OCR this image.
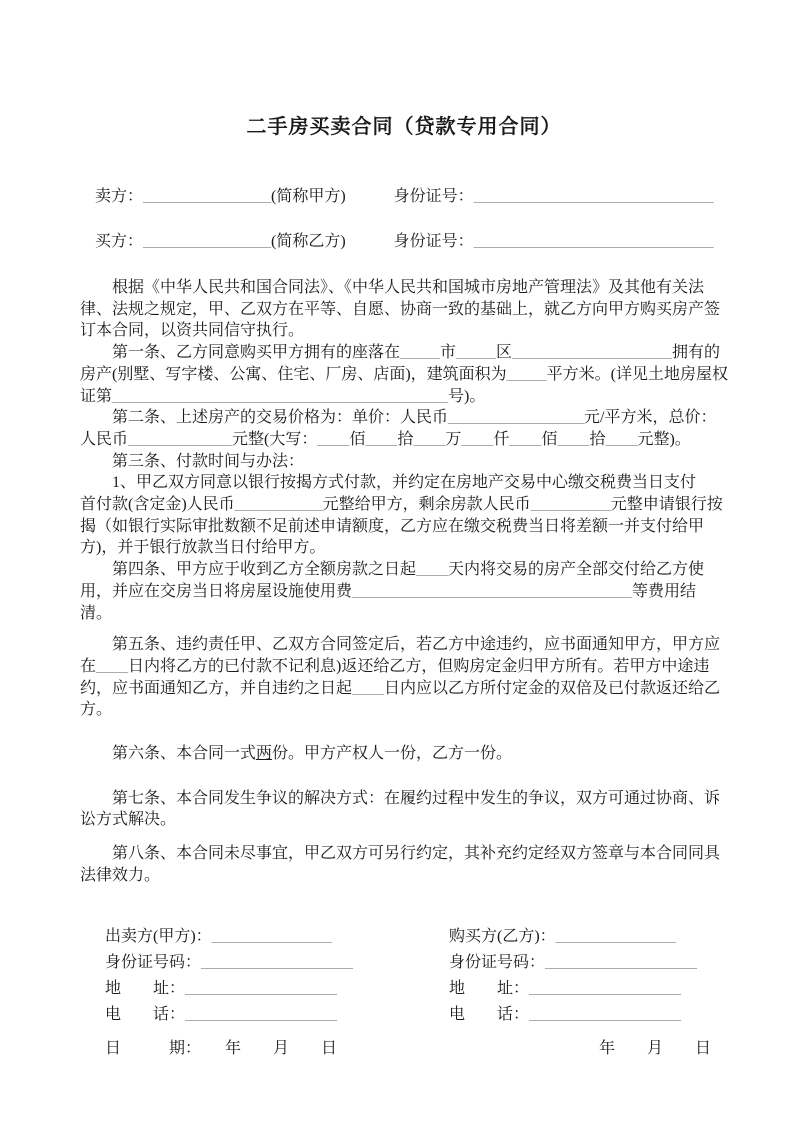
二手房买卖合同（贷款专用合同）
卖方：________________(简称甲方)　　　身份证号：______________________________
买方：________________(简称乙方)　　　身份证号：______________________________

　　根据《中华人民共和国合同法》、《中华人民共和国城市房地产管理法》及其他有关法律、法规之规定，甲、乙双方在平等、自愿、协商一致的基础上，就乙方向甲方购买房产签订本合同，以资共同信守执行。

　　第一条、乙方同意购买甲方拥有的座落在_____市_____区____________________拥有的房产(别墅、写字楼、公寓、住宅、厂房、店面)，建筑面积为_____平方米。(详见土地房屋权证第__________________________________________号)。

　　第二条、上述房产的交易价格为：单价：人民币_________________元/平方米，总价：人民币_____________元整(大写：____佰____拾____万____仟____佰____拾____元整)。

　　第三条、付款时间与办法：

　　1、甲乙双方同意以银行按揭方式付款，并约定在房地产交易中心缴交税费当日支付

首付款(含定金)人民币___________元整给甲方，剩余房款人民币__________元整申请银行按揭（如银行实际审批数额不足前述申请额度，乙方应在缴交税费当日将差额一并支付给甲方)，并于银行放款当日付给甲方。

　　第四条、甲方应于收到乙方全额房款之日起____天内将交易的房产全部交付给乙方使用，并应在交房当日将房屋设施使用费___________________________________等费用结清。

　　第五条、违约责任甲、乙双方合同签定后，若乙方中途违约，应书面通知甲方，甲方应在____日内将乙方的已付款不记利息)返还给乙方，但购房定金归甲方所有。若甲方中途违约，应书面通知乙方，并自违约之日起____日内应以乙方所付定金的双倍及已付款返还给乙方。

　　第六条、本合同一式两份。甲方产权人一份，乙方一份。

　　第七条、本合同发生争议的解决方式：在履约过程中发生的争议，双方可通过协商、诉讼方式解决。

　　第八条、本合同未尽事宜，甲乙双方可另行约定，其补充约定经双方签章与本合同同具法律效力。

出卖方(甲方)：_______________
身份证号码：___________________
地　　址：___________________
电　　话：___________________
购买方(乙方)：_______________
身份证号码：___________________
地　　址：___________________
电　　话：___________________
日　　　期：　　年　　月　　日	年　　月　　日
